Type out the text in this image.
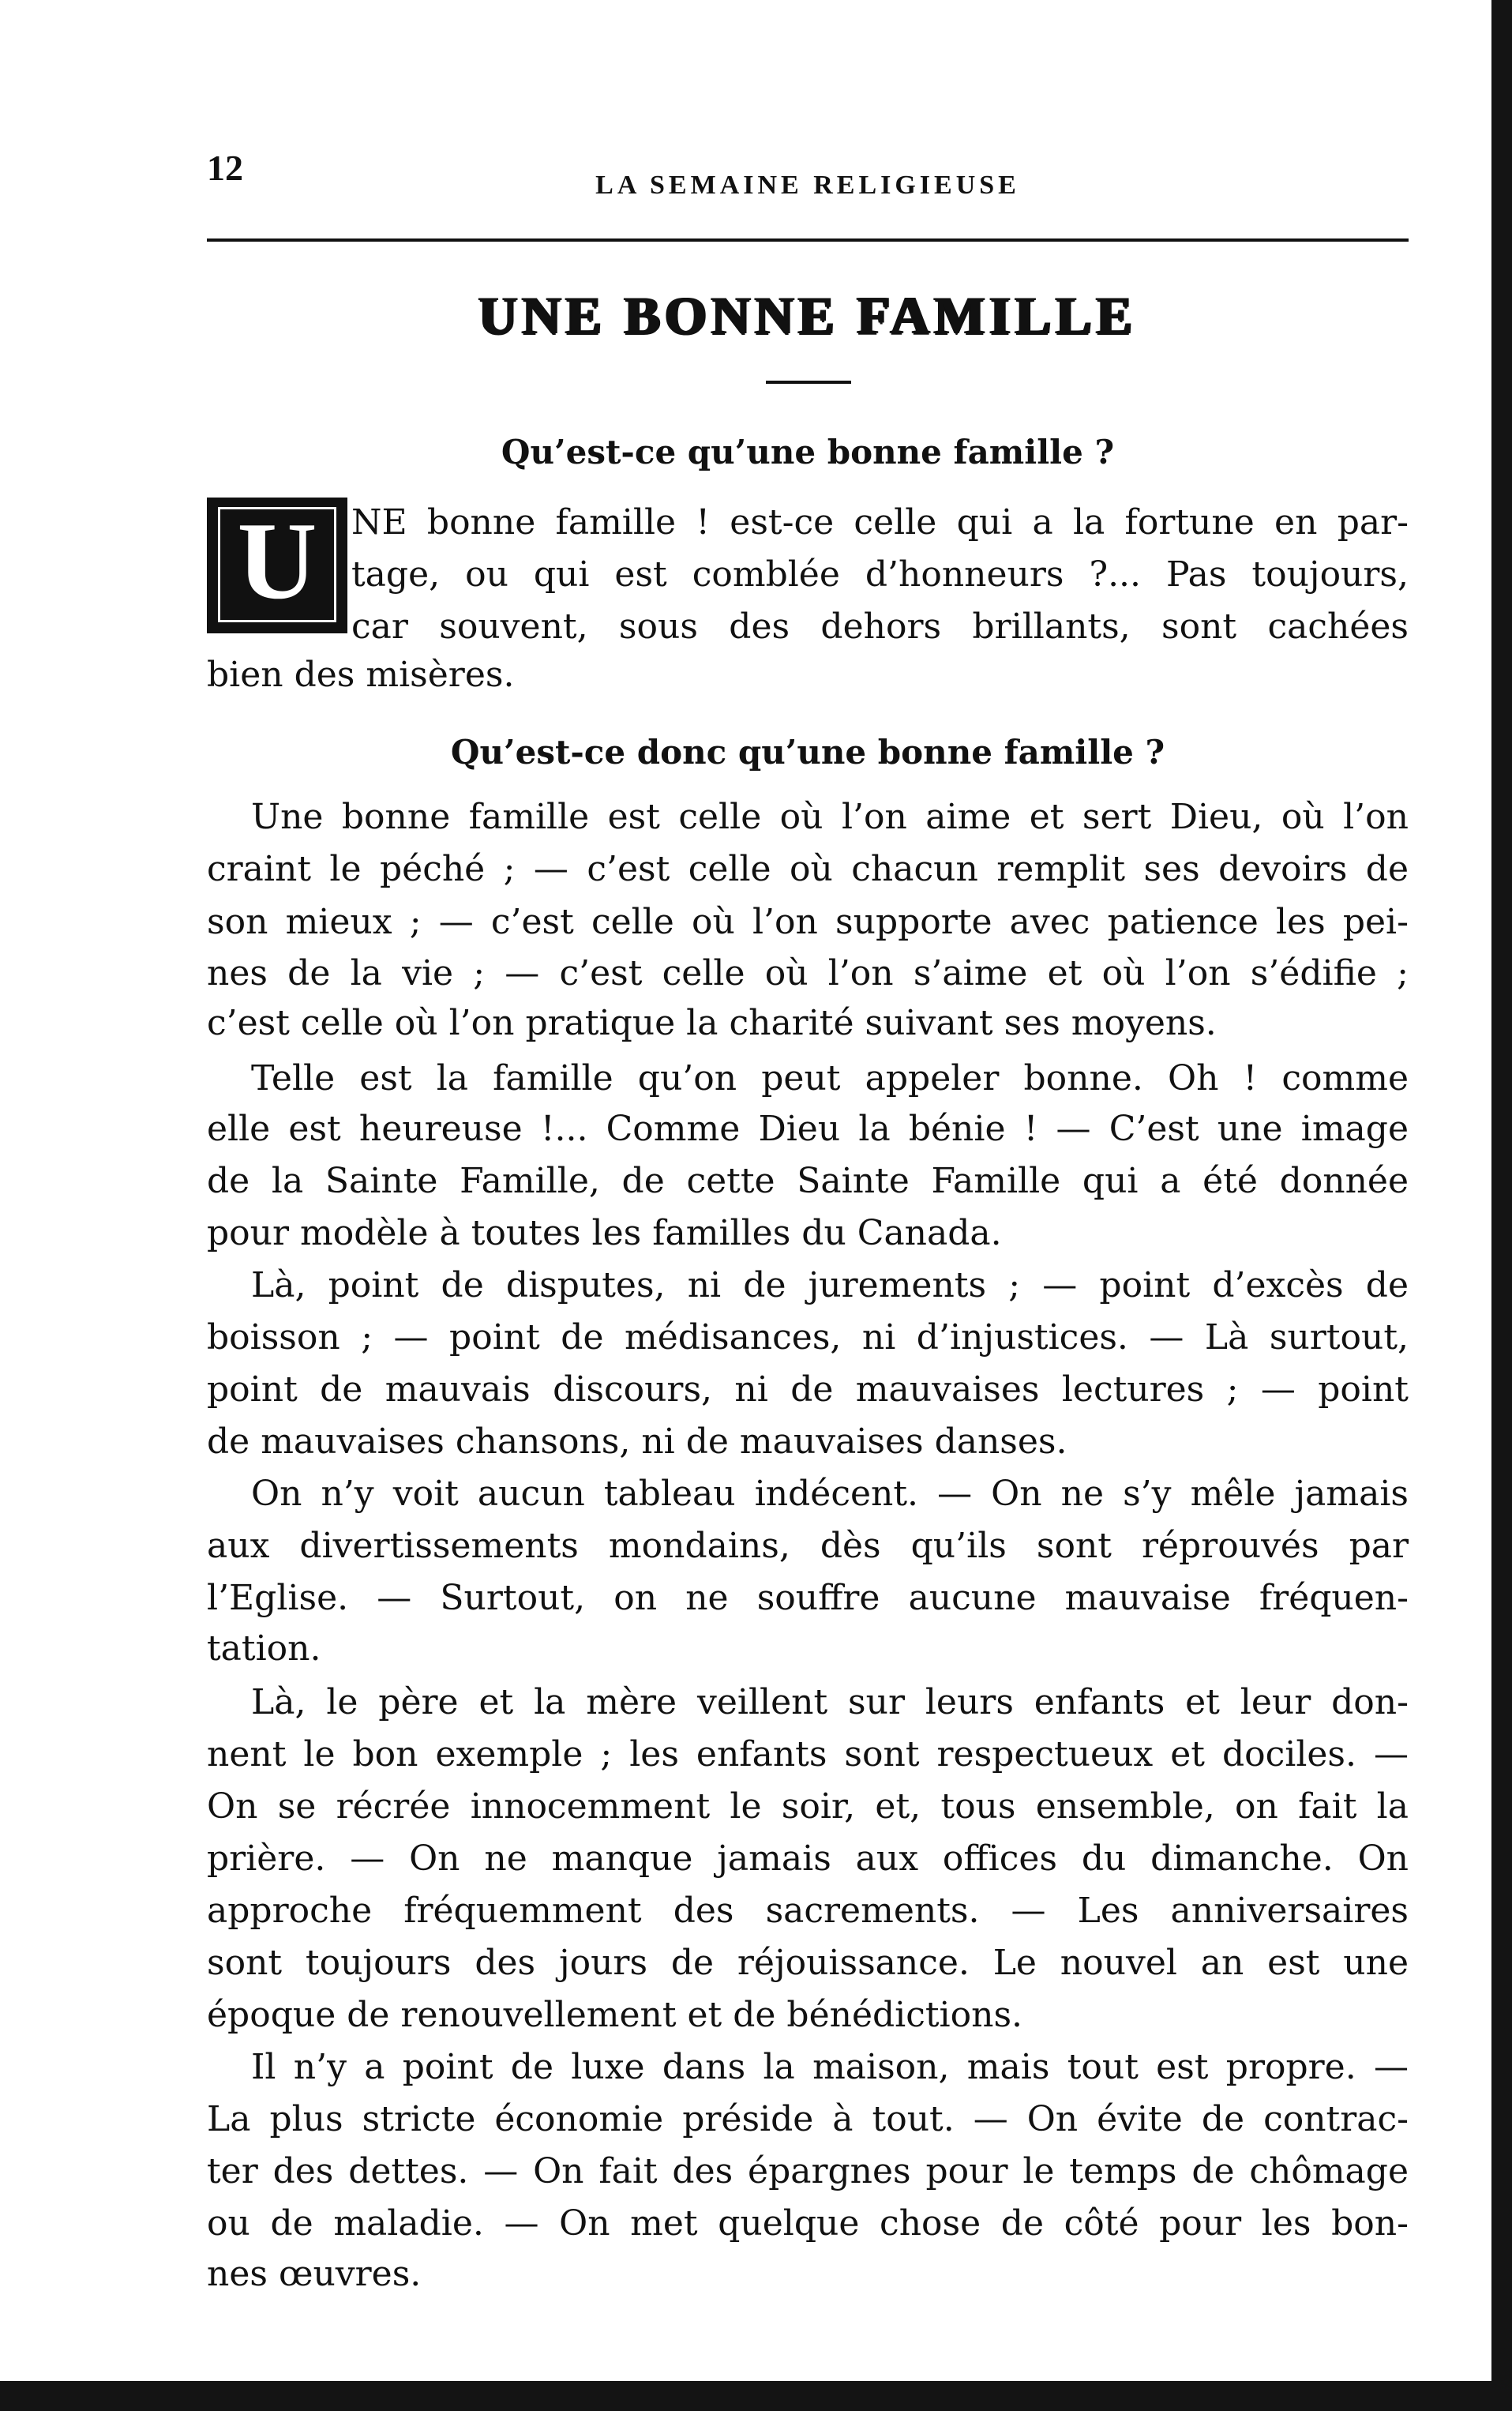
12	LA SEMAINE RELIGIEUSE
UNE BONNE FAMILLE
Qu’est-ce qu’une bonne famille ?
U NE bonne famille ! est-ce celle qui a la fortune en par-
tage, ou qui est comblée d’honneurs ?... Pas toujours,
car souvent, sous des dehors brillants, sont cachées
bien des misères.
Qu’est-ce donc qu’une bonne famille ?
Une bonne famille est celle où l’on aime et sert Dieu, où l’on
craint le péché ; — c’est celle où chacun remplit ses devoirs de
son mieux ; — c’est celle où l’on supporte avec patience les pei-
nes de la vie ; — c’est celle où l’on s’aime et où l’on s’édifie ;
c’est celle où l’on pratique la charité suivant ses moyens.
Telle est la famille qu’on peut appeler bonne. Oh ! comme
elle est heureuse !... Comme Dieu la bénie ! — C’est une image
de la Sainte Famille, de cette Sainte Famille qui a été donnée
pour modèle à toutes les familles du Canada.
Là, point de disputes, ni de jurements ; — point d’excès de
boisson ; — point de médisances, ni d’injustices. — Là surtout,
point de mauvais discours, ni de mauvaises lectures ; — point
de mauvaises chansons, ni de mauvaises danses.
On n’y voit aucun tableau indécent. — On ne s’y mêle jamais
aux divertissements mondains, dès qu’ils sont réprouvés par
l’Eglise. — Surtout, on ne souffre aucune mauvaise fréquen-
tation.
Là, le père et la mère veillent sur leurs enfants et leur don-
nent le bon exemple ; les enfants sont respectueux et dociles. —
On se récrée innocemment le soir, et, tous ensemble, on fait la
prière. — On ne manque jamais aux offices du dimanche. On
approche fréquemment des sacrements. — Les anniversaires
sont toujours des jours de réjouissance. Le nouvel an est une
époque de renouvellement et de bénédictions.
Il n’y a point de luxe dans la maison, mais tout est propre. —
La plus stricte économie préside à tout. — On évite de contrac-
ter des dettes. — On fait des épargnes pour le temps de chômage
ou de maladie. — On met quelque chose de côté pour les bon-
nes œuvres.
